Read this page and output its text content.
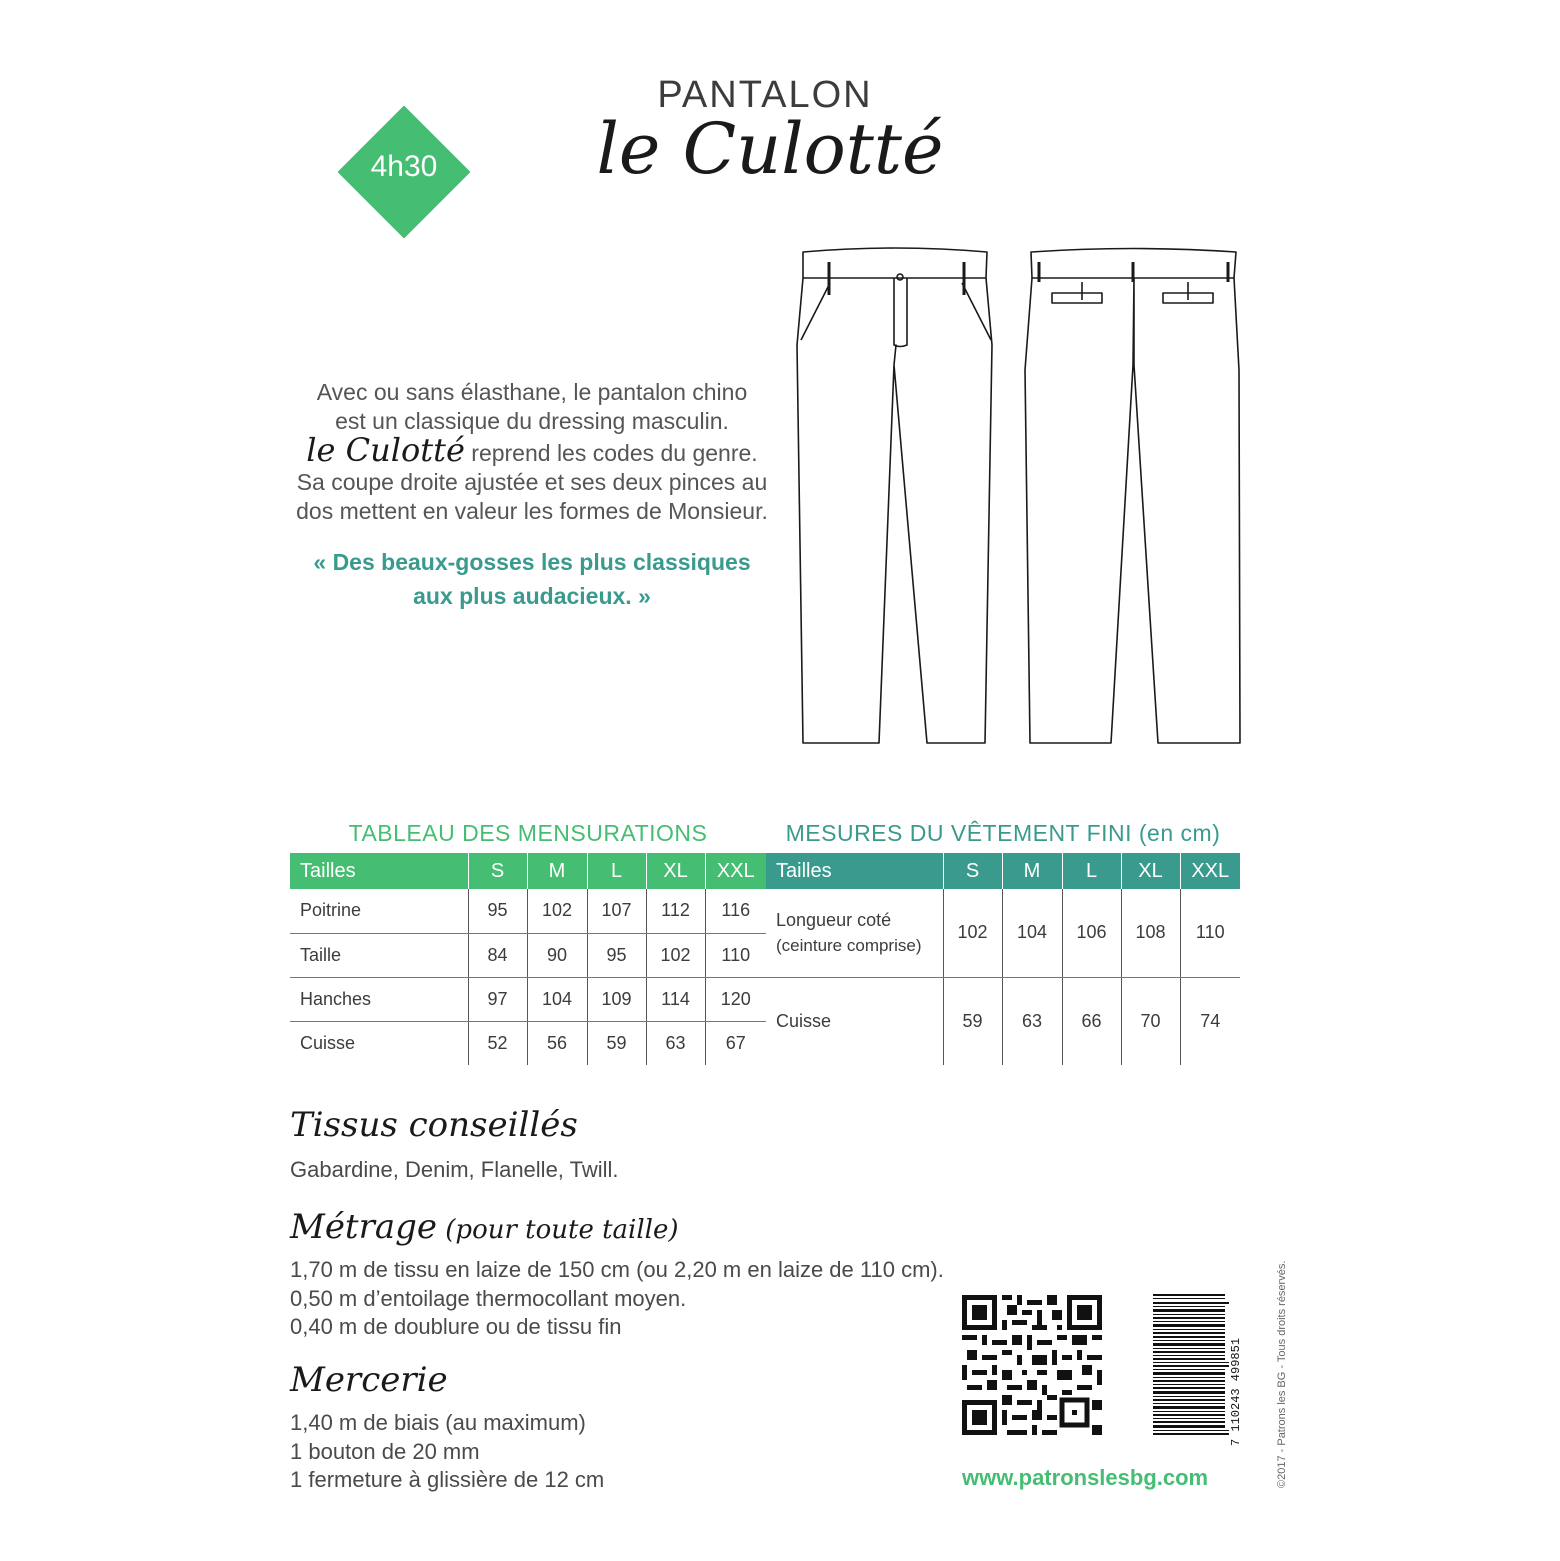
4h30
PANTALON
le Culotté
Avec ou sans élasthane, le pantalon chino
est un classique du dressing masculin.
le Culotté reprend les codes du genre.
Sa coupe droite ajustée et ses deux pinces au
dos mettent en valeur les formes de Monsieur.
« Des beaux-gosses les plus classiques
aux plus audacieux. »
TABLEAU DES MENSURATIONS
Tailles	S	M	L	XL	XXL
Poitrine	95	102	107	112	116
Taille	84	90	95	102	110
Hanches	97	104	109	114	120
Cuisse	52	56	59	63	67
MESURES DU VÊTEMENT FINI (en cm)
Tailles	S	M	L	XL	XXL

Longueur coté
(ceinture comprise)	102	104	106	108	110
Cuisse	59	63	66	70	74
Tissus conseillés
Gabardine, Denim, Flanelle, Twill.
Métrage (pour toute taille)
1,70 m de tissu en laize de 150 cm (ou 2,20 m en laize de 110 cm).
0,50 m d’entoilage thermocollant moyen.
0,40 m de doublure ou de tissu fin
Mercerie
1,40 m de biais (au maximum)
1 bouton de 20 mm
1 fermeture à glissière de 12 cm
7 110243 499851
www.patronslesbg.com	©2017 - Patrons les BG - Tous droits réservés.
